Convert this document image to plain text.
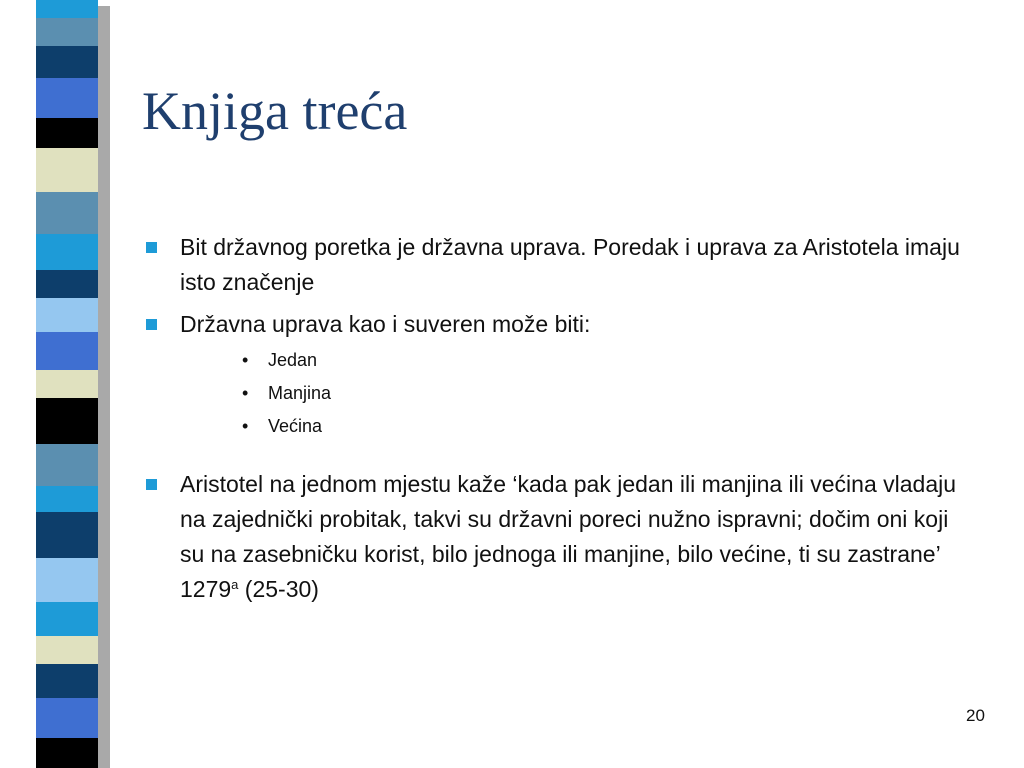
Knjiga treća
Bit državnog poretka je državna uprava. Poredak i uprava za Aristotela imaju isto značenje
Državna uprava kao i suveren može biti:
• Jedan
• Manjina
• Većina
Aristotel na jednom mjestu kaže ‘kada pak jedan ili manjina ili većina vladaju na zajednički probitak, takvi su državni poreci nužno ispravni; dočim oni koji su na zasebničku korist, bilo jednoga ili manjine, bilo većine, ti su zastrane’ 1279$^a$ (25-30)
20
